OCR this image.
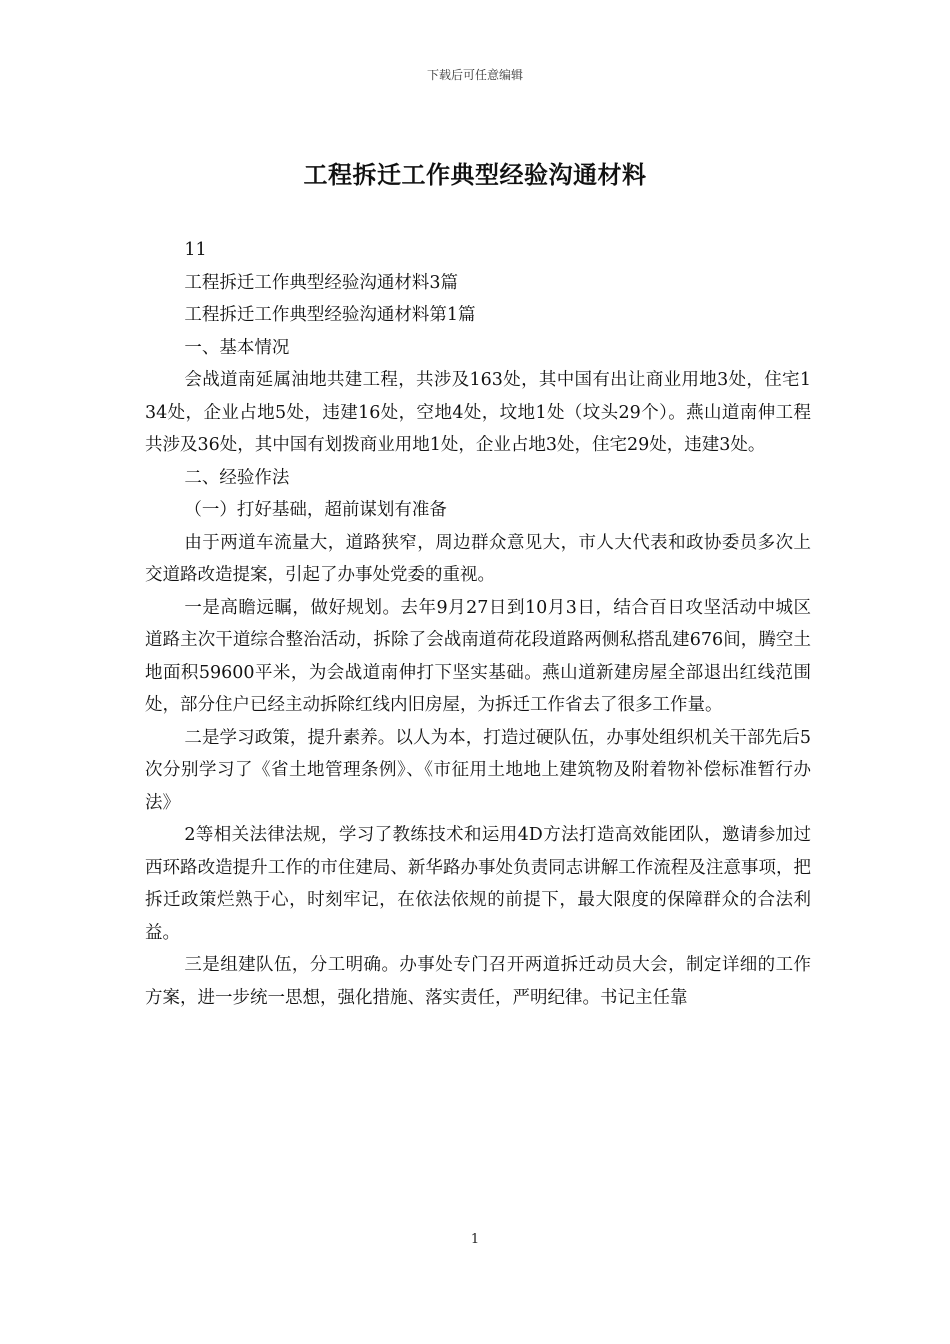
下载后可任意编辑
工程拆迁工作典型经验沟通材料

11

工程拆迁工作典型经验沟通材料3篇

工程拆迁工作典型经验沟通材料第1篇

一、基本情况

会战道南延属油地共建工程，共涉及163处，其中国有出让商业用地3处，住宅134处，企业占地5处，违建16处，空地4处，坟地1处（坟头29个）。燕山道南伸工程共涉及36处，其中国有划拨商业用地1处，企业占地3处，住宅29处，违建3处。

二、经验作法

（一）打好基础，超前谋划有准备

由于两道车流量大，道路狭窄，周边群众意见大，市人大代表和政协委员多次上交道路改造提案，引起了办事处党委的重视。

一是高瞻远瞩，做好规划。去年9月27日到10月3日，结合百日攻坚活动中城区道路主次干道综合整治活动，拆除了会战南道荷花段道路两侧私搭乱建676间，腾空土地面积59600平米，为会战道南伸打下坚实基础。燕山道新建房屋全部退出红线范围处，部分住户已经主动拆除红线内旧房屋，为拆迁工作省去了很多工作量。

二是学习政策，提升素养。以人为本，打造过硬队伍，办事处组织机关干部先后5次分别学习了《省土地管理条例》、《市征用土地地上建筑物及附着物补偿标准暂行办法》

2等相关法律法规，学习了教练技术和运用4D方法打造高效能团队，邀请参加过西环路改造提升工作的市住建局、新华路办事处负责同志讲解工作流程及注意事项，把拆迁政策烂熟于心，时刻牢记，在依法依规的前提下，最大限度的保障群众的合法利益。

三是组建队伍，分工明确。办事处专门召开两道拆迁动员大会，制定详细的工作方案，进一步统一思想，强化措施、落实责任，严明纪律。书记主任靠

1
